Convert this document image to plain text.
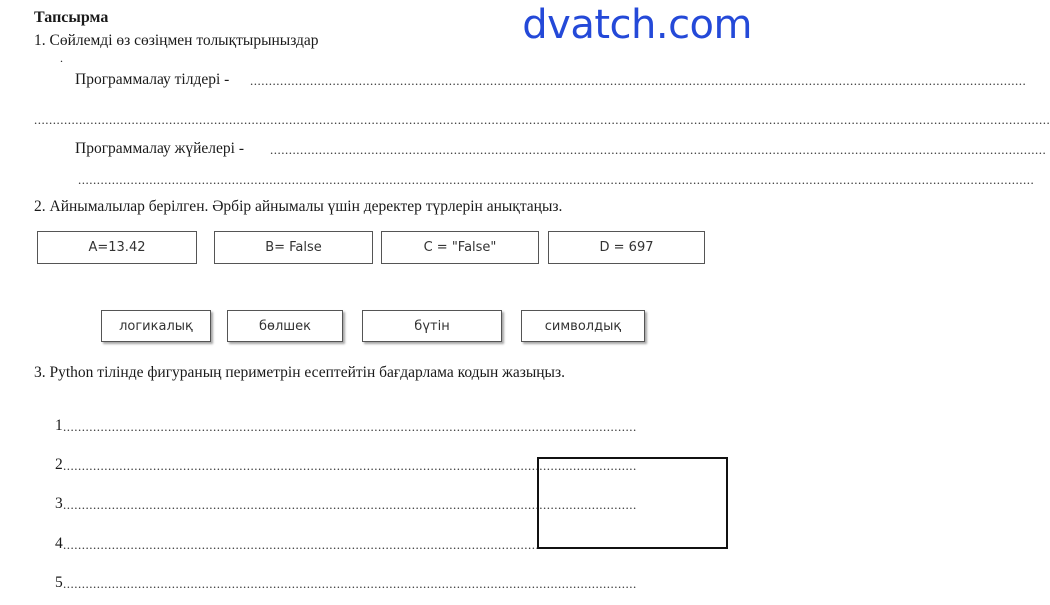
Тапсырма	dvatch.com
1. Сөйлемді өз сөзіңмен толықтырыныздар
.
Программалау тілдері - ...............................................................................................................................................................................................................
...............................................................................................................................................................................................................................................................................
Программалау жүйелері - ...............................................................................................................................................................................................................
...............................................................................................................................................................................................................................................................
2. Айнымалылар берілген. Әрбір айнымалы үшін деректер түрлерін анықтаңыз.
A=13.42	B= False	C = "False"	D = 697
логикалық	бөлшек	бүтін	символдық
3. Python тілінде фигураның периметрін есептейтін бағдарлама кодын жазыңыз.
1 .........................................................................................................................................................
2 .........................................................................................................................................................
3 .........................................................................................................................................................
4 .........................................................................................................................................................
5 .........................................................................................................................................................
